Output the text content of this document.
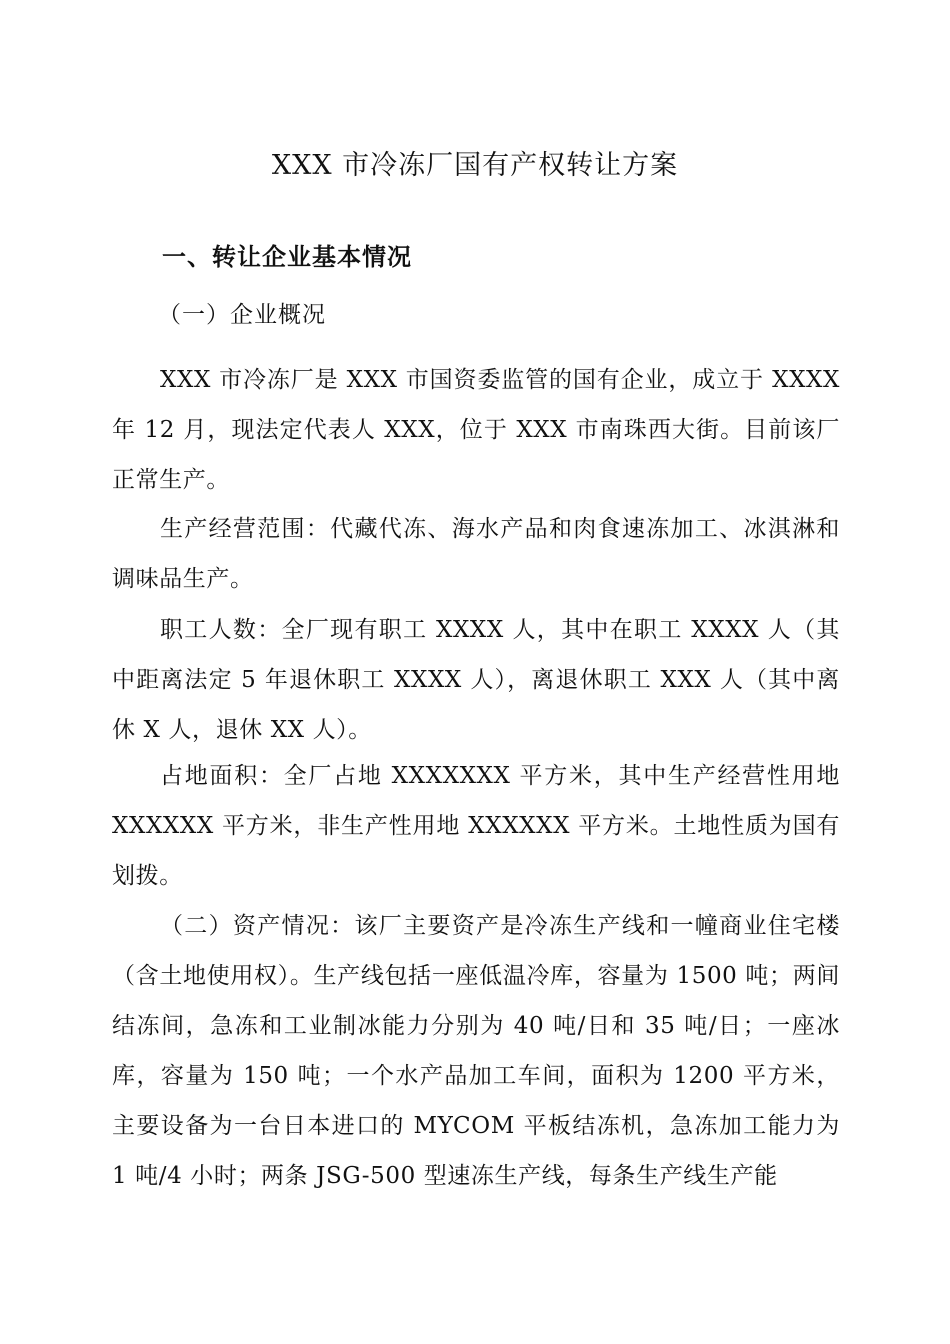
XXX 市冷冻厂国有产权转让方案
一、转让企业基本情况
（一）企业概况

XXX 市冷冻厂是 XXX 市国资委监管的国有企业，成立于 XXXX 年 12 月，现法定代表人 XXX，位于 XXX 市南珠西大街。目前该厂正常生产。

生产经营范围：代藏代冻、海水产品和肉食速冻加工、冰淇淋和调味品生产。

职工人数：全厂现有职工 XXXX 人，其中在职工 XXXX 人（其中距离法定 5 年退休职工 XXXX 人），离退休职工 XXX 人（其中离休 X 人，退休 XX 人）。

占地面积：全厂占地 XXXXXXX 平方米，其中生产经营性用地 XXXXXX 平方米，非生产性用地 XXXXXX 平方米。土地性质为国有划拨。

（二）资产情况：该厂主要资产是冷冻生产线和一幢商业住宅楼（含土地使用权）。生产线包括一座低温冷库，容量为 1500 吨；两间结冻间，急冻和工业制冰能力分别为 40 吨/日和 35 吨/日；一座冰库，容量为 150 吨；一个水产品加工车间，面积为 1200 平方米，主要设备为一台日本进口的 MYCOM 平板结冻机，急冻加工能力为 1 吨/4 小时；两条 JSG-500 型速冻生产线，每条生产线生产能
